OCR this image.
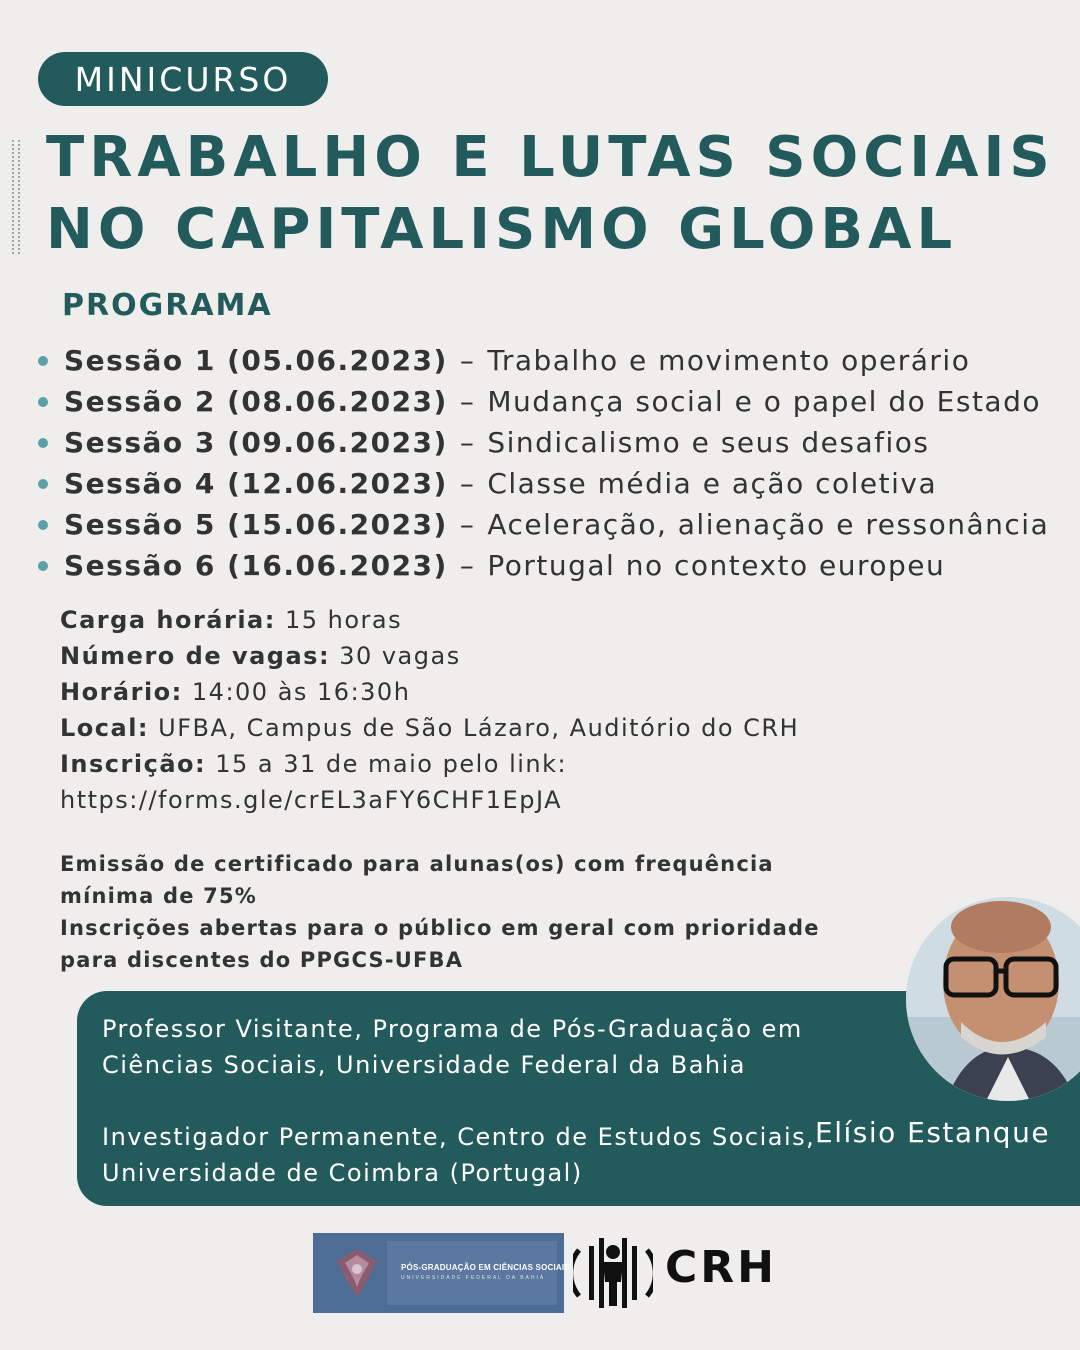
MINICURSO
TRABALHO E LUTAS SOCIAIS
NO CAPITALISMO GLOBAL
PROGRAMA
Sessão 1 (05.06.2023) – Trabalho e movimento operário
Sessão 2 (08.06.2023) – Mudança social e o papel do Estado
Sessão 3 (09.06.2023) – Sindicalismo e seus desafios
Sessão 4 (12.06.2023) – Classe média e ação coletiva
Sessão 5 (15.06.2023) – Aceleração, alienação e ressonância
Sessão 6 (16.06.2023) – Portugal no contexto europeu
Carga horária: 15 horas
Número de vagas: 30 vagas
Horário: 14:00 às 16:30h
Local: UFBA, Campus de São Lázaro, Auditório do CRH
Inscrição: 15 a 31 de maio pelo link:
https://forms.gle/crEL3aFY6CHF1EpJA
Emissão de certificado para alunas(os) com frequência mínima de 75%
Inscrições abertas para o público em geral com prioridade para discentes do PPGCS-UFBA

Professor Visitante, Programa de Pós-Graduação em Ciências Sociais, Universidade Federal da Bahia

Investigador Permanente, Centro de Estudos Sociais, Universidade de Coimbra (Portugal)

Elísio Estanque
PÓS-GRADUAÇÃO EM CIÊNCIAS SOCIAIS
UNIVERSIDADE FEDERAL DA BAHIA	CRH
